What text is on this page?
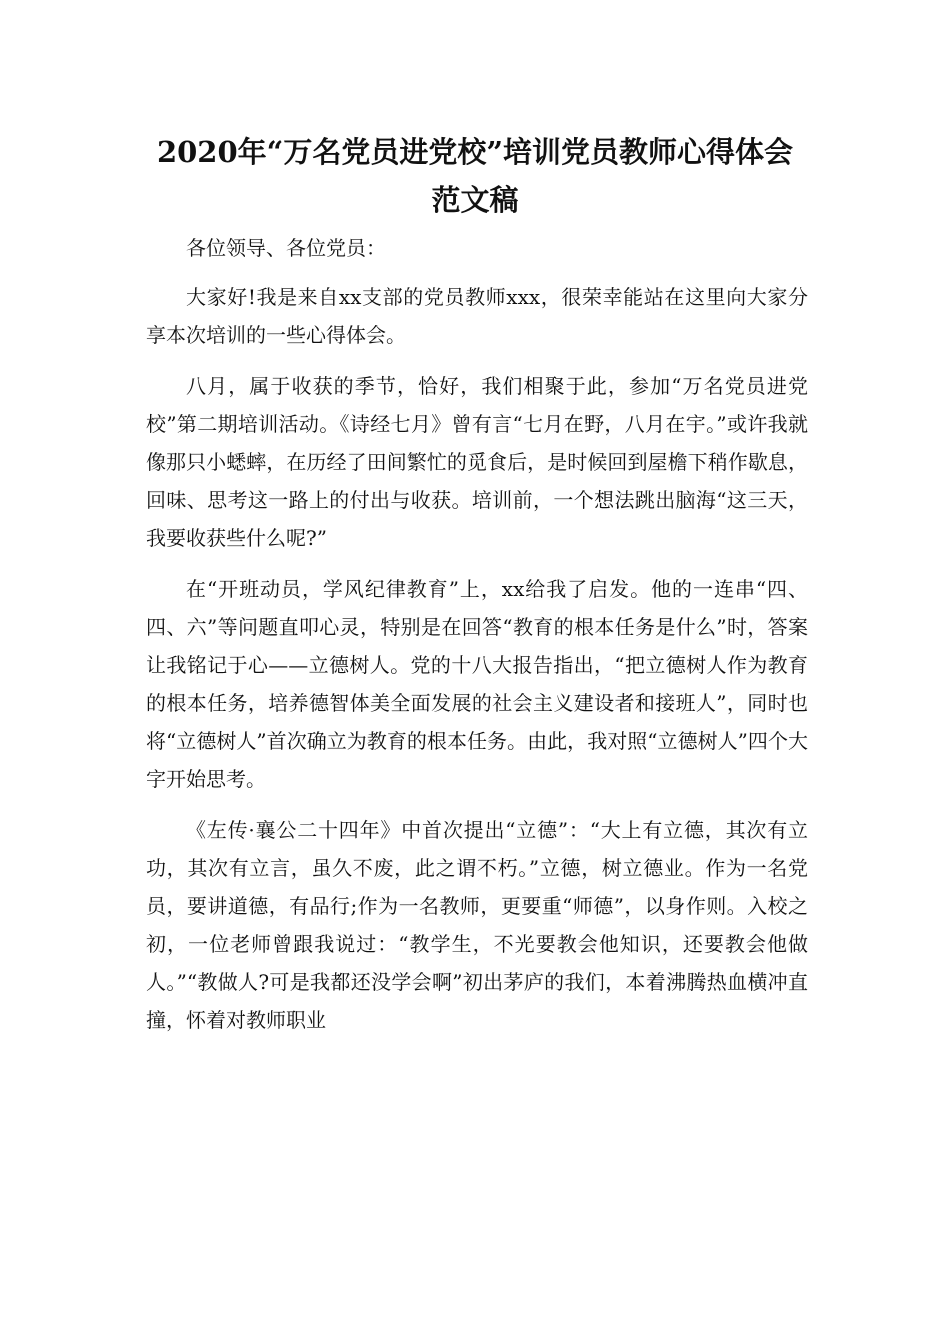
2020年“万名党员进党校”培训党员教师心得体会
范文稿

各位领导、各位党员：

大家好!我是来自xx支部的党员教师xxx，很荣幸能站在这里向大家分享本次培训的一些心得体会。

八月，属于收获的季节，恰好，我们相聚于此，参加“万名党员进党校”第二期培训活动。《诗经七月》曾有言“七月在野，八月在宇。”或许我就像那只小蟋蟀，在历经了田间繁忙的觅食后，是时候回到屋檐下稍作歇息，回味、思考这一路上的付出与收获。培训前，一个想法跳出脑海“这三天，我要收获些什么呢?”

在“开班动员，学风纪律教育”上，xx给我了启发。他的一连串“四、四、六”等问题直叩心灵，特别是在回答“教育的根本任务是什么”时，答案让我铭记于心——立德树人。党的十八大报告指出，“把立德树人作为教育的根本任务，培养德智体美全面发展的社会主义建设者和接班人”，同时也将“立德树人”首次确立为教育的根本任务。由此，我对照“立德树人”四个大字开始思考。

《左传·襄公二十四年》中首次提出“立德”：“大上有立德，其次有立功，其次有立言，虽久不废，此之谓不朽。”立德，树立德业。作为一名党员，要讲道德，有品行;作为一名教师，更要重“师德”，以身作则。入校之初，一位老师曾跟我说过：“教学生，不光要教会他知识，还要教会他做人。”“教做人?可是我都还没学会啊”初出茅庐的我们，本着沸腾热血横冲直撞，怀着对教师职业
